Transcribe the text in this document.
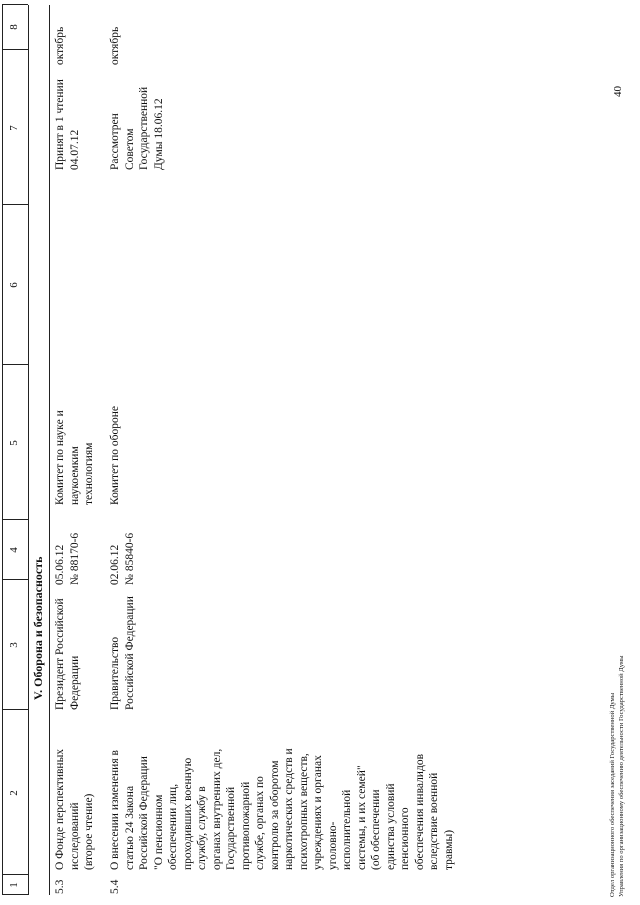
1
2
3
4
5
6
7
8
V. Оборона и безопасность
5.3
О Фонде перспективных
исследований
(второе чтение)
Президент Российской
Федерации
05.06.12
№ 88170-6
Комитет по науке и
наукоемким
технологиям
Принят в 1 чтении
04.07.12
октябрь
5.4
О внесении изменения в
статью 24 Закона
Российской Федерации
"О пенсионном
обеспечении лиц,
проходивших военную
службу, службу в
органах внутренних дел,
Государственной
противопожарной
службе, органах по
контролю за оборотом
наркотических средств и
психотропных веществ,
учреждениях и органах
уголовно-
исполнительной
системы, и их семей"
(об обеспечении
единства условий
пенсионного
обеспечения инвалидов
вследствие военной
травмы)
Правительство
Российской Федерации
02.06.12
№ 85840-6
Комитет по обороне
Рассмотрен
Советом
Государственной
Думы 18.06.12
октябрь
40
Отдел организационного обеспечения заседаний Государственной Думы Управления по организационному обеспечению деятельности Государственной Думы
